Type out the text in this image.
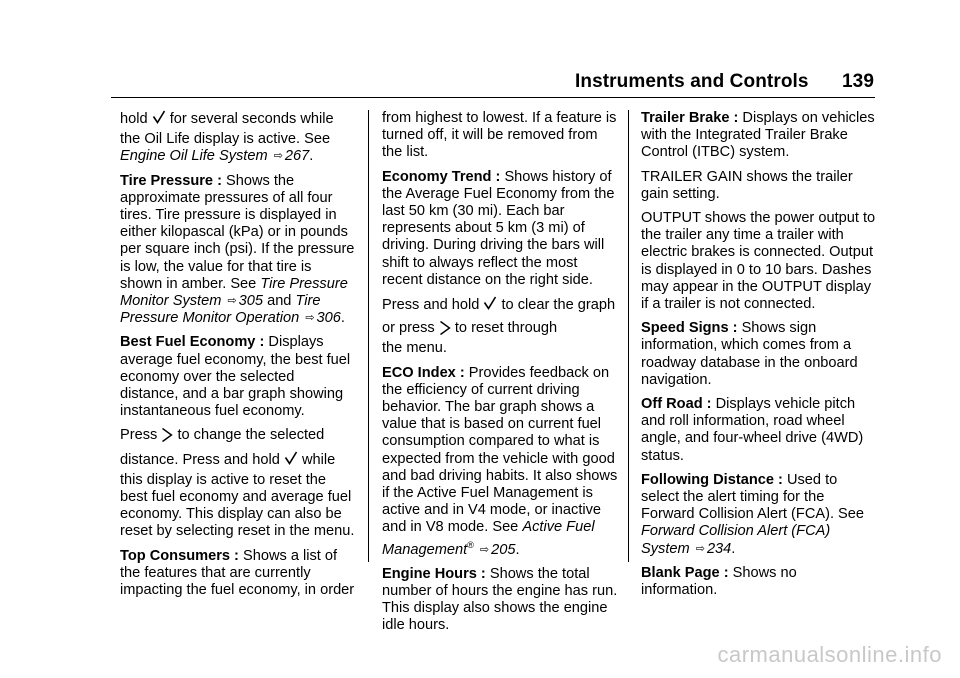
Instruments and Controls 139

hold for several seconds while

the Oil Life display is active. See
Engine Oil Life System ⇨ 267.

Tire Pressure : Shows the approximate pressures of all four tires. Tire pressure is displayed in either kilopascal (kPa) or in pounds per square inch (psi). If the pressure is low, the value for that tire is shown in amber. See Tire Pressure Monitor System ⇨ 305 and Tire Pressure Monitor Operation ⇨ 306.

Best Fuel Economy : Displays average fuel economy, the best fuel economy over the selected distance, and a bar graph showing instantaneous fuel economy.

Press to change the selected

distance. Press and hold while

this display is active to reset the best fuel economy and average fuel economy. This display can also be reset by selecting reset in the menu.

Top Consumers : Shows a list of the features that are currently impacting the fuel economy, in order

from highest to lowest. If a feature is turned off, it will be removed from the list.

Economy Trend : Shows history of the Average Fuel Economy from the last 50 km (30 mi). Each bar represents about 5 km (3 mi) of driving. During driving the bars will shift to always reflect the most recent distance on the right side.

Press and hold to clear the graph

or press to reset through

the menu.

ECO Index : Provides feedback on the efficiency of current driving behavior. The bar graph shows a value that is based on current fuel consumption compared to what is expected from the vehicle with good and bad driving habits. It also shows if the Active Fuel Management is active and in V4 mode, or inactive and in V8 mode. See Active Fuel Management® ⇨ 205.

Engine Hours : Shows the total number of hours the engine has run. This display also shows the engine idle hours.

Trailer Brake : Displays on vehicles with the Integrated Trailer Brake Control (ITBC) system.

TRAILER GAIN shows the trailer gain setting.

OUTPUT shows the power output to the trailer any time a trailer with electric brakes is connected. Output is displayed in 0 to 10 bars. Dashes may appear in the OUTPUT display if a trailer is not connected.

Speed Signs : Shows sign information, which comes from a roadway database in the onboard navigation.

Off Road : Displays vehicle pitch and roll information, road wheel angle, and four-wheel drive (4WD) status.

Following Distance : Used to select the alert timing for the Forward Collision Alert (FCA). See Forward Collision Alert (FCA) System ⇨ 234.

Blank Page : Shows no information.

carmanualsonline.info
